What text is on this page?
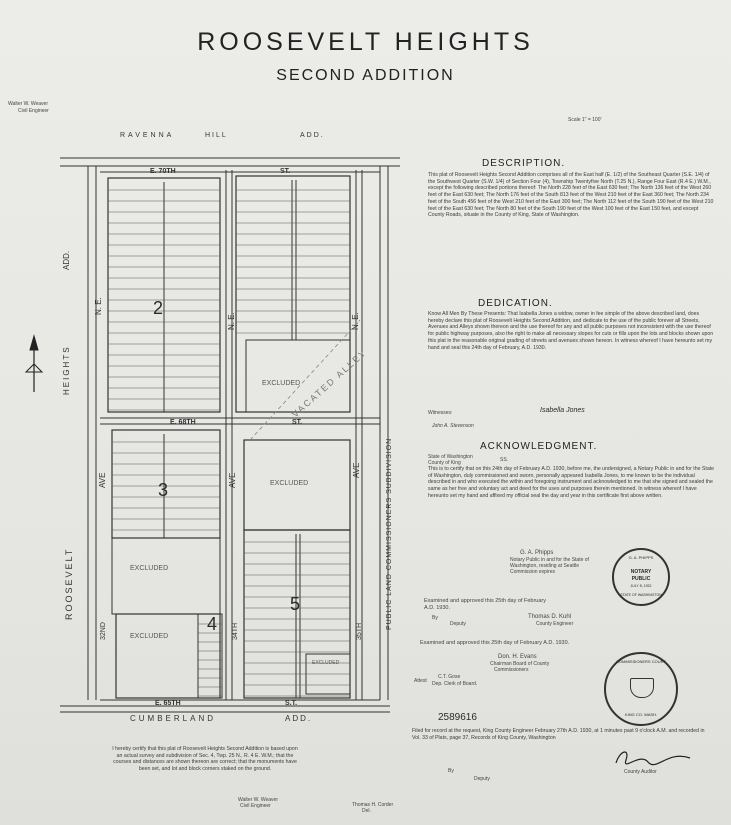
ROOSEVELT HEIGHTS
SECOND ADDITION
Walter W. Weaver
Civil Engineer
Scale 1" = 100'
RAVENNA	HILL	ADD.
E. 70TH	ST.
E. 68TH	ST.
E. 65TH	S.T.
CUMBERLAND	ADD.
ADD.
HEIGHTS
N. E.
N. E.	N. E.
AVE	AVE
AVE
ROOSEVELT	PUBLIC LAND COMMISSIONERS SUBDIVISION
32ND	34TH	35TH
2
3
4
5
EXCLUDED
EXCLUDED
EXCLUDED
EXCLUDED
EXCLUDED
VACATED ALLEY
DESCRIPTION.
This plat of Roosevelt Heights Second Addition comprises all of the East half (E. 1/2) of the Southeast Quarter (S.E. 1/4) of the Southwest Quarter (S.W. 1/4) of Section Four (4), Township Twentyfive North (T.25 N.), Range Four East (R.4 E.) W.M., except the following described portions thereof: The North 228 feet of the East 630 feet; The North 136 feet of the West 260 feet of the East 630 feet; The North 176 feet of the South 813 feet of the West 210 feet of the East 360 feet; The North 234 feet of the South 456 feet of the West 210 feet of the East 300 feet; The North 112 feet of the South 190 feet of the West 210 feet of the East 630 feet; The North 80 feet of the South 190 feet of the West 100 feet of the East 150 feet, and except County Roads, situate in the County of King, State of Washington.
DEDICATION.
Know All Men By These Presents: That Isabella Jones a widow, owner in fee simple of the above described land, does hereby declare this plat of Roosevelt Heights Second Addition, and dedicate to the use of the public forever all Streets, Avenues and Alleys shown thereon and the use thereof for any and all public purposes not inconsistent with the use thereof for public highway purposes, also the right to make all necessary slopes for cuts or fills upon the lots and blocks shown upon this plat in the reasonable original grading of streets and avenues shown hereon. In witness whereof I have hereunto set my hand and seal this 24th day of February, A.D. 1930.
Witnesses:	Isabella Jones
John A. Stevenson
ACKNOWLEDGMENT.
State of Washington
County of King	SS.
This is to certify that on this 24th day of February A.D. 1930, before me, the undersigned, a Notary Public in and for the State of Washington, duly commissioned and sworn, personally appeared Isabella Jones, to me known to be the individual described in and who executed the within and foregoing instrument and acknowledged to me that she signed and sealed the same as her free and voluntary act and deed for the uses and purposes therein mentioned. In witness whereof I have hereunto set my hand and affixed my official seal the day and year in this certificate first above written.
G. A. Phipps
Notary Public in and for the State of
Washington, residing at Seattle
Commission expires
G. A. PHIPPS
NOTARY
PUBLIC
JULY 8, 1932
STATE OF WASHINGTON
Examined and approved this 25th day of February
A.D. 1930.
By
Deputy
Thomas D. Kuhl
County Engineer
Examined and approved this 25th day of February A.D. 1930.
Don. H. Evans
Chairman Board of County
Commissioners
Attest
C.T. Gose
Dep. Clerk of Board.
COMMISSIONERS COURT
KING CO. WASH.
2589616
Filed for record at the request, King County Engineer February 27th A.D. 1930, at 1 minutes past 9 o'clock A.M. and recorded in Vol. 33 of Plats, page 37, Records of King County, Washington
By
Deputy
County Auditor
I hereby certify that this plat of Roosevelt Heights Second Addition is based upon an actual survey and subdivision of Sec. 4, Twp. 25 N., R. 4 E. W.M.; that the courses and distances are shown thereon are correct; that the monuments have been set, and lot and block corners staked on the ground.
Walter W. Weaver
Civil Engineer	Thomas H. Corder
Del.
